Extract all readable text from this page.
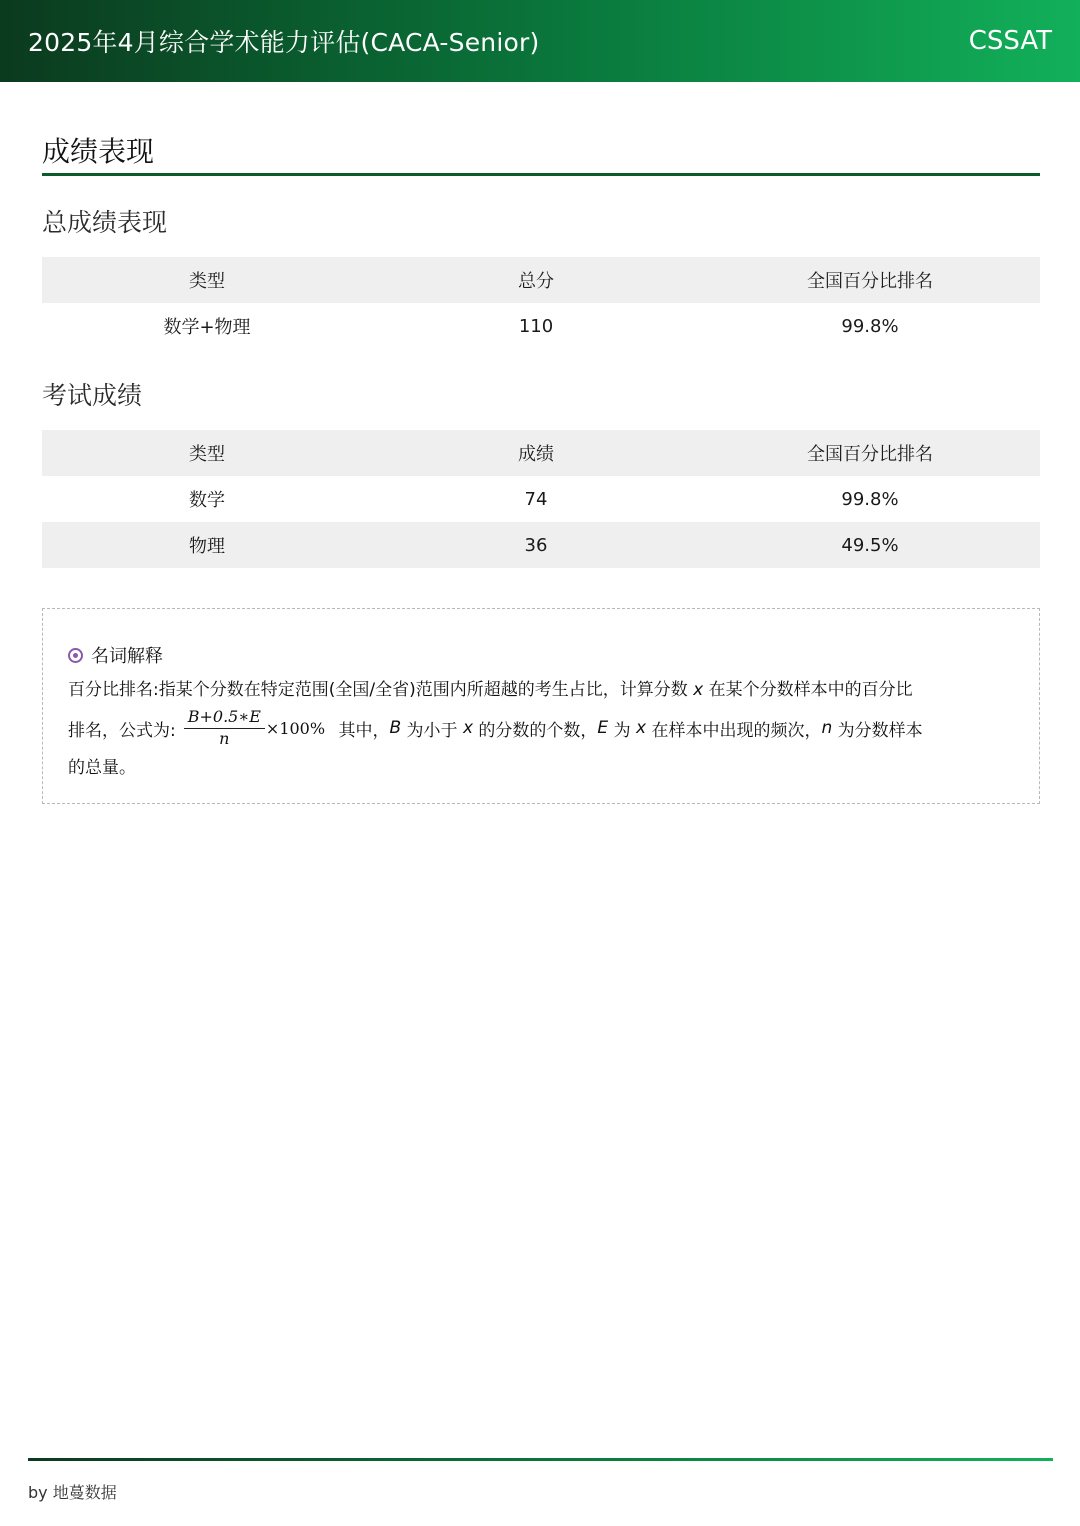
2025年4月综合学术能力评估(CACA-Senior)	CSSAT
成绩表现
总成绩表现
类型	总分	全国百分比排名
数学+物理	110	99.8%
考试成绩
类型	成绩	全国百分比排名
数学	74	99.8%
物理	36	49.5%
名词解释
百分比排名:指某个分数在特定范围(全国/全省)范围内所超越的考生占比，计算分数 x 在某个分数样本中的百分比
排名，公式为: $\frac{B+0.5∗E}{n} \times 100\%$ 其中， B 为小于 x 的分数的个数， E 为 x 在样本中出现的频次， n 为分数样本
的总量。
by 地蔓数据
